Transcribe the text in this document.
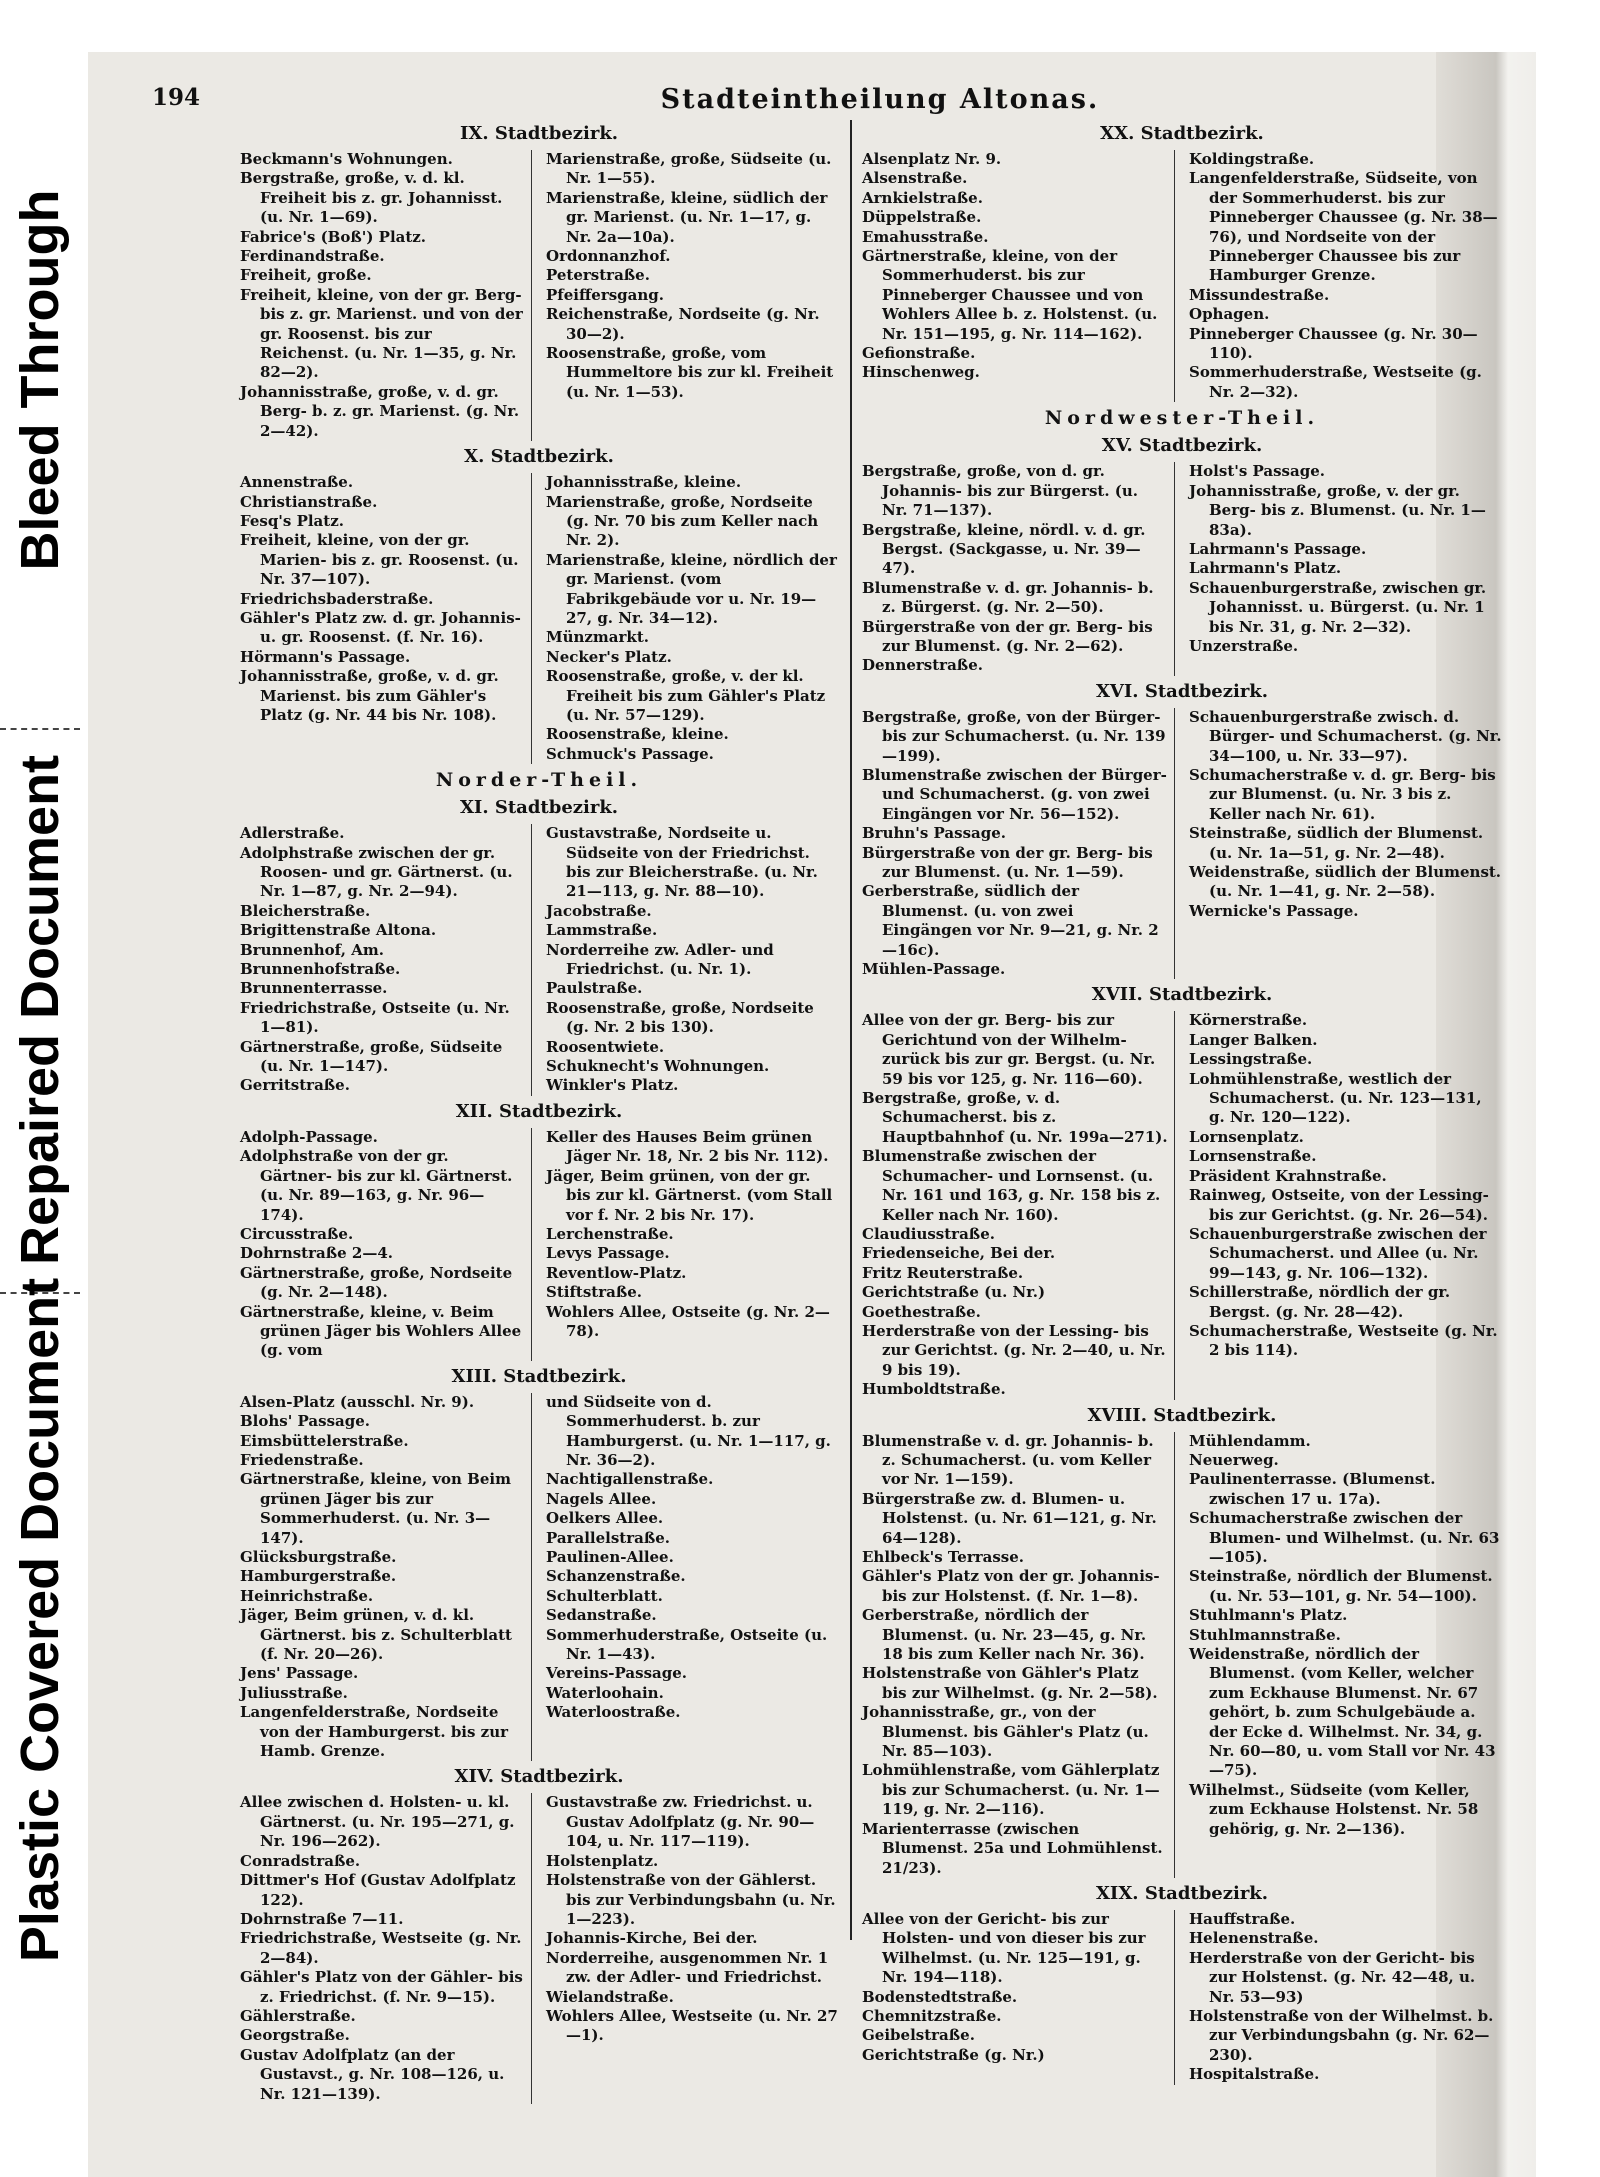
Bleed Through
Repaired Document
Plastic Covered Document
194	Stadteintheilung Altonas.
IX. Stadtbezirk.
Beckmann's Wohnungen.
Bergstraße, große, v. d. kl. Freiheit bis z. gr. Johannisst. (u. Nr. 1—69).
Fabrice's (Boß') Platz.
Ferdinandstraße.
Freiheit, große.
Freiheit, kleine, von der gr. Berg- bis z. gr. Marienst. und von der gr. Roosenst. bis zur Reichenst. (u. Nr. 1—35, g. Nr. 82—2).
Johannisstraße, große, v. d. gr. Berg- b. z. gr. Marienst. (g. Nr. 2—42).
Marienstraße, große, Südseite (u. Nr. 1—55).
Marienstraße, kleine, südlich der gr. Marienst. (u. Nr. 1—17, g. Nr. 2a—10a).
Ordonnanzhof.
Peterstraße.
Pfeiffersgang.
Reichenstraße, Nordseite (g. Nr. 30—2).
Roosenstraße, große, vom Hummeltore bis zur kl. Freiheit (u. Nr. 1—53).
X. Stadtbezirk.
Annenstraße.
Christianstraße.
Fesq's Platz.
Freiheit, kleine, von der gr. Marien- bis z. gr. Roosenst. (u. Nr. 37—107).
Friedrichsbaderstraße.
Gähler's Platz zw. d. gr. Johannis- u. gr. Roosenst. (f. Nr. 16).
Hörmann's Passage.
Johannisstraße, große, v. d. gr. Marienst. bis zum Gähler's Platz (g. Nr. 44 bis Nr. 108).
Johannisstraße, kleine.
Marienstraße, große, Nordseite (g. Nr. 70 bis zum Keller nach Nr. 2).
Marienstraße, kleine, nördlich der gr. Marienst. (vom Fabrikgebäude vor u. Nr. 19—27, g. Nr. 34—12).
Münzmarkt.
Necker's Platz.
Roosenstraße, große, v. der kl. Freiheit bis zum Gähler's Platz (u. Nr. 57—129).
Roosenstraße, kleine.
Schmuck's Passage.
Norder-Theil.
XI. Stadtbezirk.
Adlerstraße.
Adolphstraße zwischen der gr. Roosen- und gr. Gärtnerst. (u. Nr. 1—87, g. Nr. 2—94).
Bleicherstraße.
Brigittenstraße Altona.
Brunnenhof, Am.
Brunnenhofstraße.
Brunnenterrasse.
Friedrichstraße, Ostseite (u. Nr. 1—81).
Gärtnerstraße, große, Südseite (u. Nr. 1—147).
Gerritstraße.
Gustavstraße, Nordseite u. Südseite von der Friedrichst. bis zur Bleicherstraße. (u. Nr. 21—113, g. Nr. 88—10).
Jacobstraße.
Lammstraße.
Norderreihe zw. Adler- und Friedrichst. (u. Nr. 1).
Paulstraße.
Roosenstraße, große, Nordseite (g. Nr. 2 bis 130).
Roosentwiete.
Schuknecht's Wohnungen.
Winkler's Platz.
XII. Stadtbezirk.
Adolph-Passage.
Adolphstraße von der gr. Gärtner- bis zur kl. Gärtnerst. (u. Nr. 89—163, g. Nr. 96—174).
Circusstraße.
Dohrnstraße 2—4.
Gärtnerstraße, große, Nordseite (g. Nr. 2—148).
Gärtnerstraße, kleine, v. Beim grünen Jäger bis Wohlers Allee (g. vom
Keller des Hauses Beim grünen Jäger Nr. 18, Nr. 2 bis Nr. 112).
Jäger, Beim grünen, von der gr. bis zur kl. Gärtnerst. (vom Stall vor f. Nr. 2 bis Nr. 17).
Lerchenstraße.
Levys Passage.
Reventlow-Platz.
Stiftstraße.
Wohlers Allee, Ostseite (g. Nr. 2—78).
XIII. Stadtbezirk.
Alsen-Platz (ausschl. Nr. 9).
Blohs' Passage.
Eimsbüttelerstraße.
Friedenstraße.
Gärtnerstraße, kleine, von Beim grünen Jäger bis zur Sommerhuderst. (u. Nr. 3—147).
Glücksburgstraße.
Hamburgerstraße.
Heinrichstraße.
Jäger, Beim grünen, v. d. kl. Gärtnerst. bis z. Schulterblatt (f. Nr. 20—26).
Jens' Passage.
Juliusstraße.
Langenfelderstraße, Nordseite von der Hamburgerst. bis zur Hamb. Grenze.
und Südseite von d. Sommerhuderst. b. zur Hamburgerst. (u. Nr. 1—117, g. Nr. 36—2).
Nachtigallenstraße.
Nagels Allee.
Oelkers Allee.
Parallelstraße.
Paulinen-Allee.
Schanzenstraße.
Schulterblatt.
Sedanstraße.
Sommerhuderstraße, Ostseite (u. Nr. 1—43).
Vereins-Passage.
Waterloohain.
Waterloostraße.
XIV. Stadtbezirk.
Allee zwischen d. Holsten- u. kl. Gärtnerst. (u. Nr. 195—271, g. Nr. 196—262).
Conradstraße.
Dittmer's Hof (Gustav Adolfplatz 122).
Dohrnstraße 7—11.
Friedrichstraße, Westseite (g. Nr. 2—84).
Gähler's Platz von der Gähler- bis z. Friedrichst. (f. Nr. 9—15).
Gählerstraße.
Georgstraße.
Gustav Adolfplatz (an der Gustavst., g. Nr. 108—126, u. Nr. 121—139).
Gustavstraße zw. Friedrichst. u. Gustav Adolfplatz (g. Nr. 90—104, u. Nr. 117—119).
Holstenplatz.
Holstenstraße von der Gählerst. bis zur Verbindungsbahn (u. Nr. 1—223).
Johannis-Kirche, Bei der.
Norderreihe, ausgenommen Nr. 1 zw. der Adler- und Friedrichst.
Wielandstraße.
Wohlers Allee, Westseite (u. Nr. 27—1).
XX. Stadtbezirk.
Alsenplatz Nr. 9.
Alsenstraße.
Arnkielstraße.
Düppelstraße.
Emahusstraße.
Gärtnerstraße, kleine, von der Sommerhuderst. bis zur Pinneberger Chaussee und von Wohlers Allee b. z. Holstenst. (u. Nr. 151—195, g. Nr. 114—162).
Gefionstraße.
Hinschenweg.
Koldingstraße.
Langenfelderstraße, Südseite, von der Sommerhuderst. bis zur Pinneberger Chaussee (g. Nr. 38—76), und Nordseite von der Pinneberger Chaussee bis zur Hamburger Grenze.
Missundestraße.
Ophagen.
Pinneberger Chaussee (g. Nr. 30—110).
Sommerhuderstraße, Westseite (g. Nr. 2—32).
Nordwester-Theil.
XV. Stadtbezirk.
Bergstraße, große, von d. gr. Johannis- bis zur Bürgerst. (u. Nr. 71—137).
Bergstraße, kleine, nördl. v. d. gr. Bergst. (Sackgasse, u. Nr. 39—47).
Blumenstraße v. d. gr. Johannis- b. z. Bürgerst. (g. Nr. 2—50).
Bürgerstraße von der gr. Berg- bis zur Blumenst. (g. Nr. 2—62).
Dennerstraße.
Holst's Passage.
Johannisstraße, große, v. der gr. Berg- bis z. Blumenst. (u. Nr. 1—83a).
Lahrmann's Passage.
Lahrmann's Platz.
Schauenburgerstraße, zwischen gr. Johannisst. u. Bürgerst. (u. Nr. 1 bis Nr. 31, g. Nr. 2—32).
Unzerstraße.
XVI. Stadtbezirk.
Bergstraße, große, von der Bürger- bis zur Schumacherst. (u. Nr. 139—199).
Blumenstraße zwischen der Bürger- und Schumacherst. (g. von zwei Eingängen vor Nr. 56—152).
Bruhn's Passage.
Bürgerstraße von der gr. Berg- bis zur Blumenst. (u. Nr. 1—59).
Gerberstraße, südlich der Blumenst. (u. von zwei Eingängen vor Nr. 9—21, g. Nr. 2—16c).
Mühlen-Passage.
Schauenburgerstraße zwisch. d. Bürger- und Schumacherst. (g. Nr. 34—100, u. Nr. 33—97).
Schumacherstraße v. d. gr. Berg- bis zur Blumenst. (u. Nr. 3 bis z. Keller nach Nr. 61).
Steinstraße, südlich der Blumenst. (u. Nr. 1a—51, g. Nr. 2—48).
Weidenstraße, südlich der Blumenst. (u. Nr. 1—41, g. Nr. 2—58).
Wernicke's Passage.
XVII. Stadtbezirk.
Allee von der gr. Berg- bis zur Gerichtund von der Wilhelm- zurück bis zur gr. Bergst. (u. Nr. 59 bis vor 125, g. Nr. 116—60).
Bergstraße, große, v. d. Schumacherst. bis z. Hauptbahnhof (u. Nr. 199a—271).
Blumenstraße zwischen der Schumacher- und Lornsenst. (u. Nr. 161 und 163, g. Nr. 158 bis z. Keller nach Nr. 160).
Claudiusstraße.
Friedenseiche, Bei der.
Fritz Reuterstraße.
Gerichtstraße (u. Nr.)
Goethestraße.
Herderstraße von der Lessing- bis zur Gerichtst. (g. Nr. 2—40, u. Nr. 9 bis 19).
Humboldtstraße.
Körnerstraße.
Langer Balken.
Lessingstraße.
Lohmühlenstraße, westlich der Schumacherst. (u. Nr. 123—131, g. Nr. 120—122).
Lornsenplatz.
Lornsenstraße.
Präsident Krahnstraße.
Rainweg, Ostseite, von der Lessing- bis zur Gerichtst. (g. Nr. 26—54).
Schauenburgerstraße zwischen der Schumacherst. und Allee (u. Nr. 99—143, g. Nr. 106—132).
Schillerstraße, nördlich der gr. Bergst. (g. Nr. 28—42).
Schumacherstraße, Westseite (g. Nr. 2 bis 114).
XVIII. Stadtbezirk.
Blumenstraße v. d. gr. Johannis- b. z. Schumacherst. (u. vom Keller vor Nr. 1—159).
Bürgerstraße zw. d. Blumen- u. Holstenst. (u. Nr. 61—121, g. Nr. 64—128).
Ehlbeck's Terrasse.
Gähler's Platz von der gr. Johannis- bis zur Holstenst. (f. Nr. 1—8).
Gerberstraße, nördlich der Blumenst. (u. Nr. 23—45, g. Nr. 18 bis zum Keller nach Nr. 36).
Holstenstraße von Gähler's Platz bis zur Wilhelmst. (g. Nr. 2—58).
Johannisstraße, gr., von der Blumenst. bis Gähler's Platz (u. Nr. 85—103).
Lohmühlenstraße, vom Gählerplatz bis zur Schumacherst. (u. Nr. 1—119, g. Nr. 2—116).
Marienterrasse (zwischen Blumenst. 25a und Lohmühlenst. 21/23).
Mühlendamm.
Neuerweg.
Paulinenterrasse. (Blumenst. zwischen 17 u. 17a).
Schumacherstraße zwischen der Blumen- und Wilhelmst. (u. Nr. 63—105).
Steinstraße, nördlich der Blumenst. (u. Nr. 53—101, g. Nr. 54—100).
Stuhlmann's Platz.
Stuhlmannstraße.
Weidenstraße, nördlich der Blumenst. (vom Keller, welcher zum Eckhause Blumenst. Nr. 67 gehört, b. zum Schulgebäude a. der Ecke d. Wilhelmst. Nr. 34, g. Nr. 60—80, u. vom Stall vor Nr. 43—75).
Wilhelmst., Südseite (vom Keller, zum Eckhause Holstenst. Nr. 58 gehörig, g. Nr. 2—136).
XIX. Stadtbezirk.
Allee von der Gericht- bis zur Holsten- und von dieser bis zur Wilhelmst. (u. Nr. 125—191, g. Nr. 194—118).
Bodenstedtstraße.
Chemnitzstraße.
Geibelstraße.
Gerichtstraße (g. Nr.)
Hauffstraße.
Helenenstraße.
Herderstraße von der Gericht- bis zur Holstenst. (g. Nr. 42—48, u. Nr. 53—93)
Holstenstraße von der Wilhelmst. b. zur Verbindungsbahn (g. Nr. 62—230).
Hospitalstraße.
